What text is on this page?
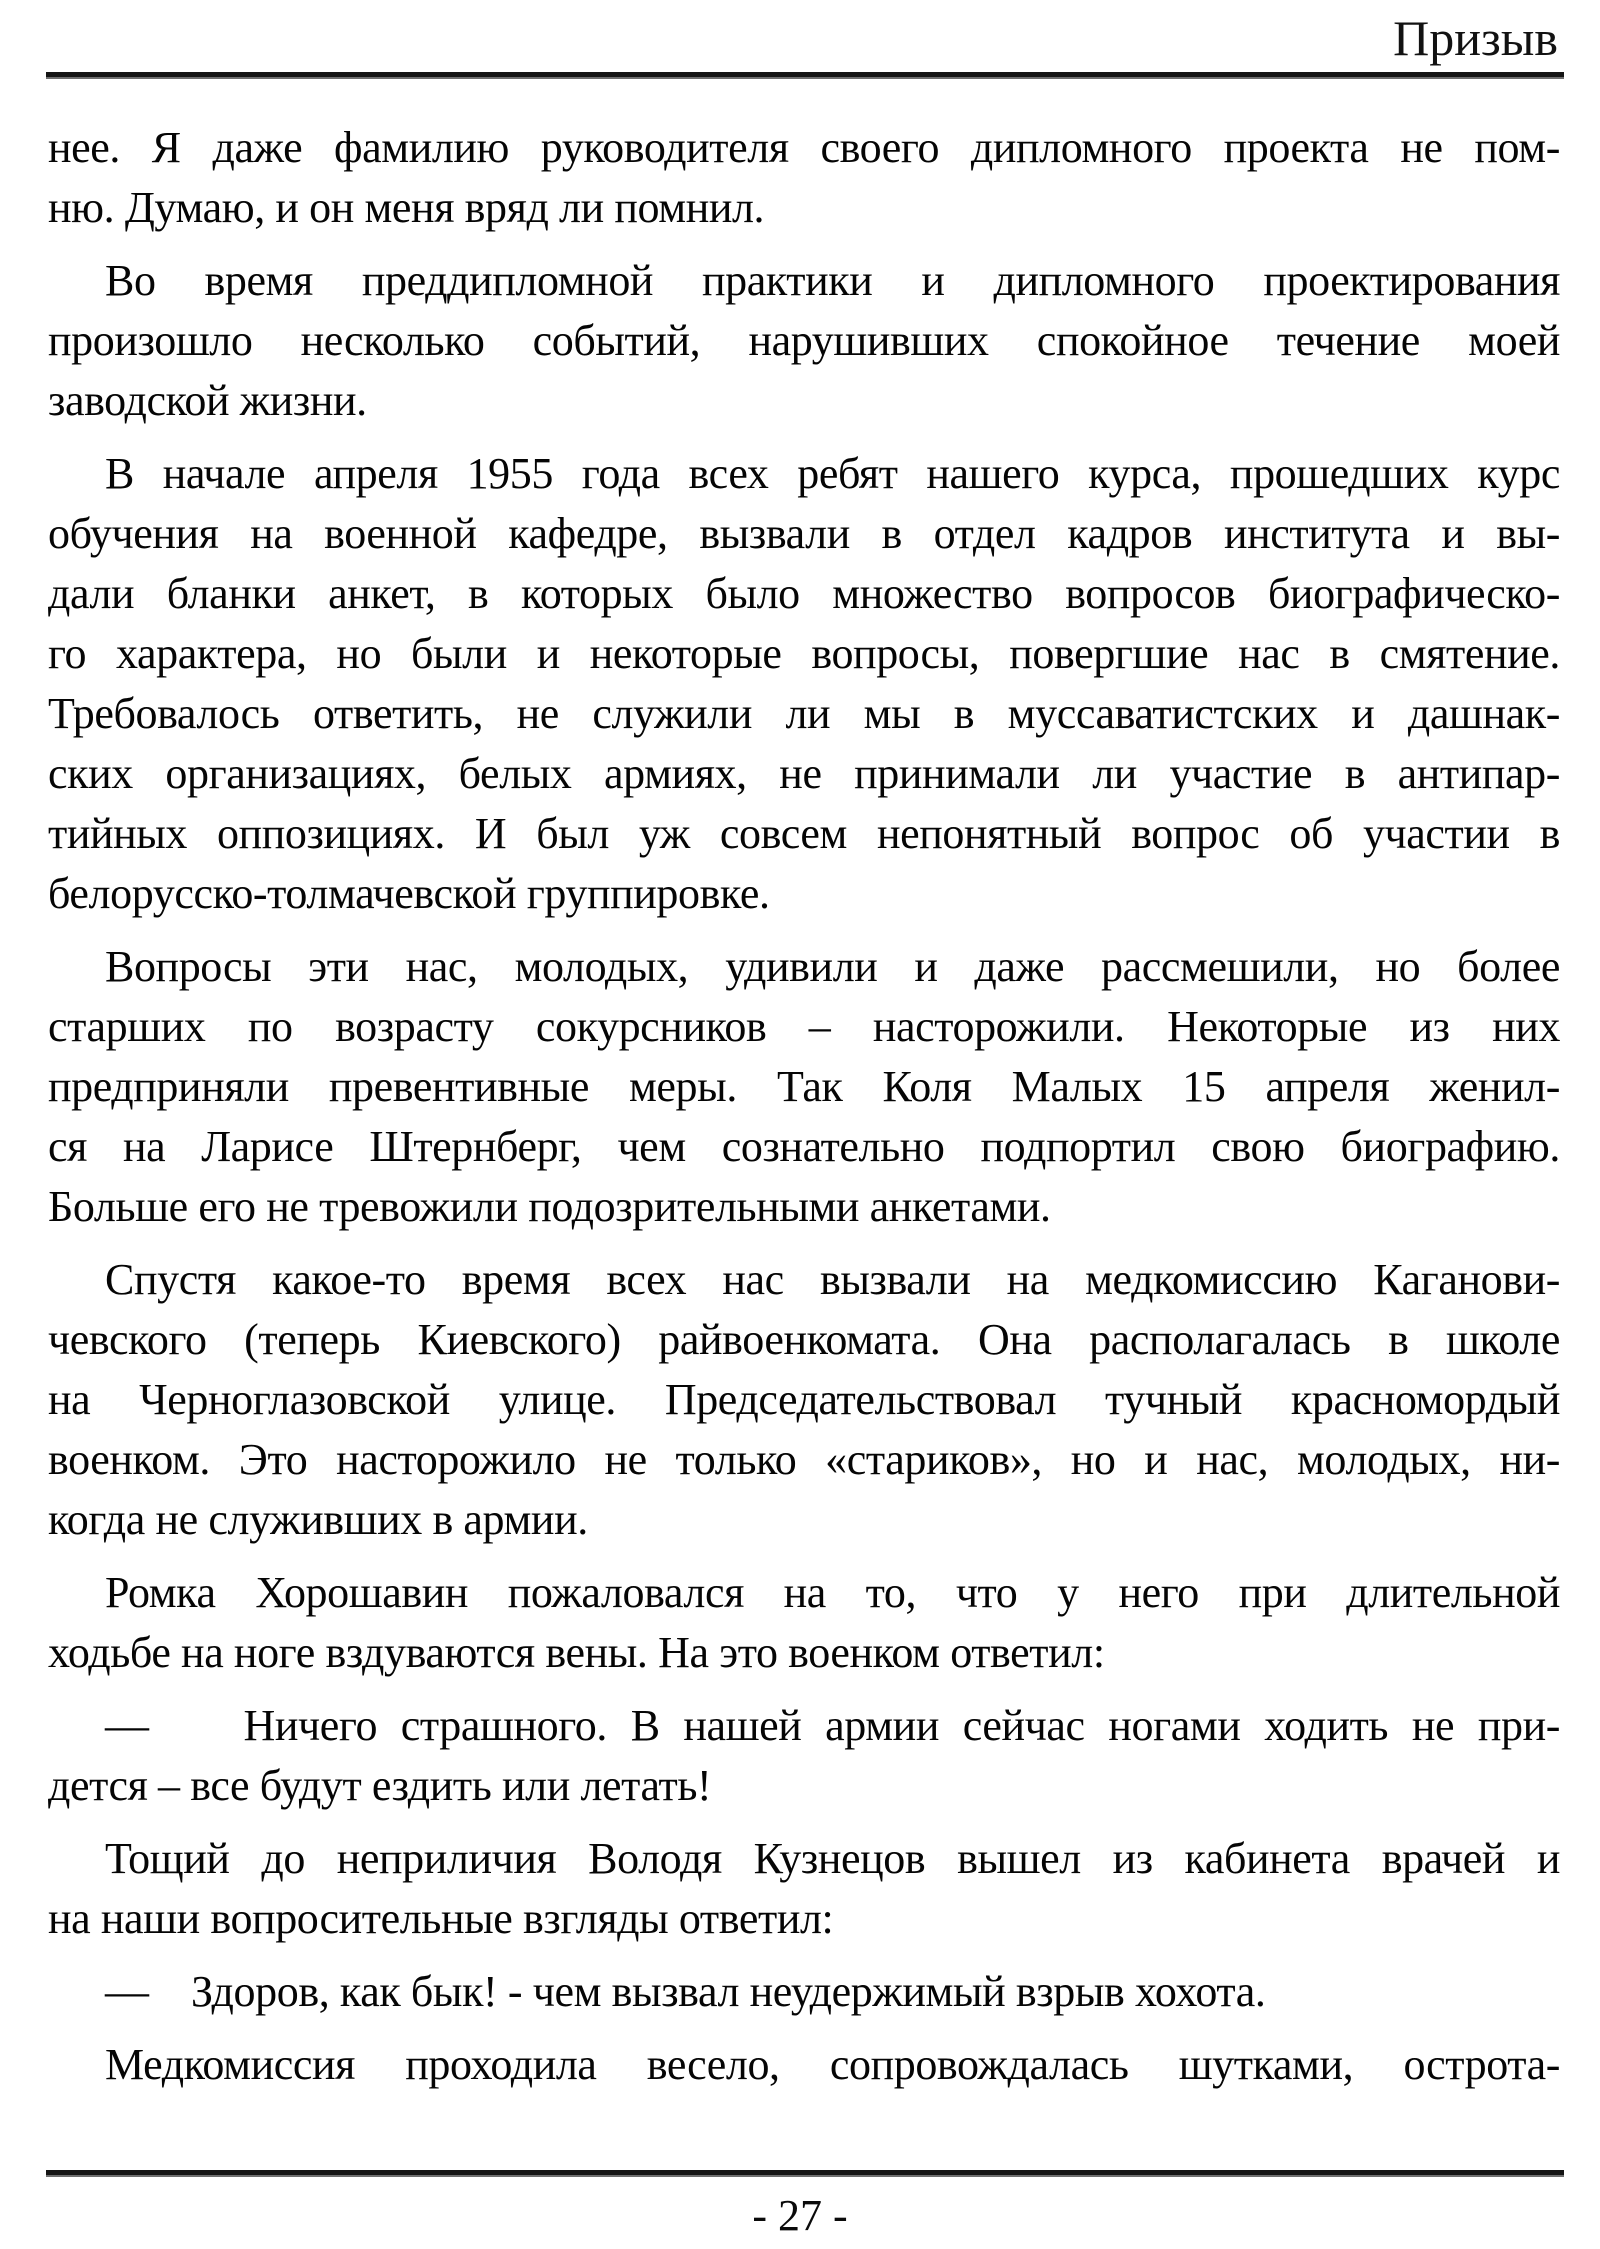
Призыв
нее. Я даже фамилию руководителя своего дипломного проекта не пом-
ню. Думаю, и он меня вряд ли помнил.
Во время преддипломной практики и дипломного проектирования
произошло несколько событий, нарушивших спокойное течение моей
заводской жизни.
В начале апреля 1955 года всех ребят нашего курса, прошедших курс
обучения на военной кафедре, вызвали в отдел кадров института и вы-
дали бланки анкет, в которых было множество вопросов биографическо-
го характера, но были и некоторые вопросы, повергшие нас в смятение.
Требовалось ответить, не служили ли мы в муссаватистских и дашнак-
ских организациях, белых армиях, не принимали ли участие в антипар-
тийных оппозициях. И был уж совсем непонятный вопрос об участии в
белорусско-толмачевской группировке.
Вопросы эти нас, молодых, удивили и даже рассмешили, но более
старших по возрасту сокурсников – насторожили. Некоторые из них
предприняли превентивные меры. Так Коля Малых 15 апреля женил-
ся на Ларисе Штернберг, чем сознательно подпортил свою биографию.
Больше его не тревожили подозрительными анкетами.
Спустя какое-то время всех нас вызвали на медкомиссию Каганови-
чевского (теперь Киевского) райвоенкомата. Она располагалась в школе
на Черноглазовской улице. Председательствовал тучный красномордый
военком. Это насторожило не только «стариков», но и нас, молодых, ни-
когда не служивших в армии.
Ромка Хорошавин пожаловался на то, что у него при длительной
ходьбе на ноге вздуваются вены. На это военком ответил:
—    Ничего страшного. В нашей армии сейчас ногами ходить не при-
дется – все будут ездить или летать!
Тощий до неприличия Володя Кузнецов вышел из кабинета врачей и
на наши вопросительные взгляды ответил:
—    Здоров, как бык! - чем вызвал неудержимый взрыв хохота.
Медкомиссия проходила весело, сопровождалась шутками, острота-
- 27 -
